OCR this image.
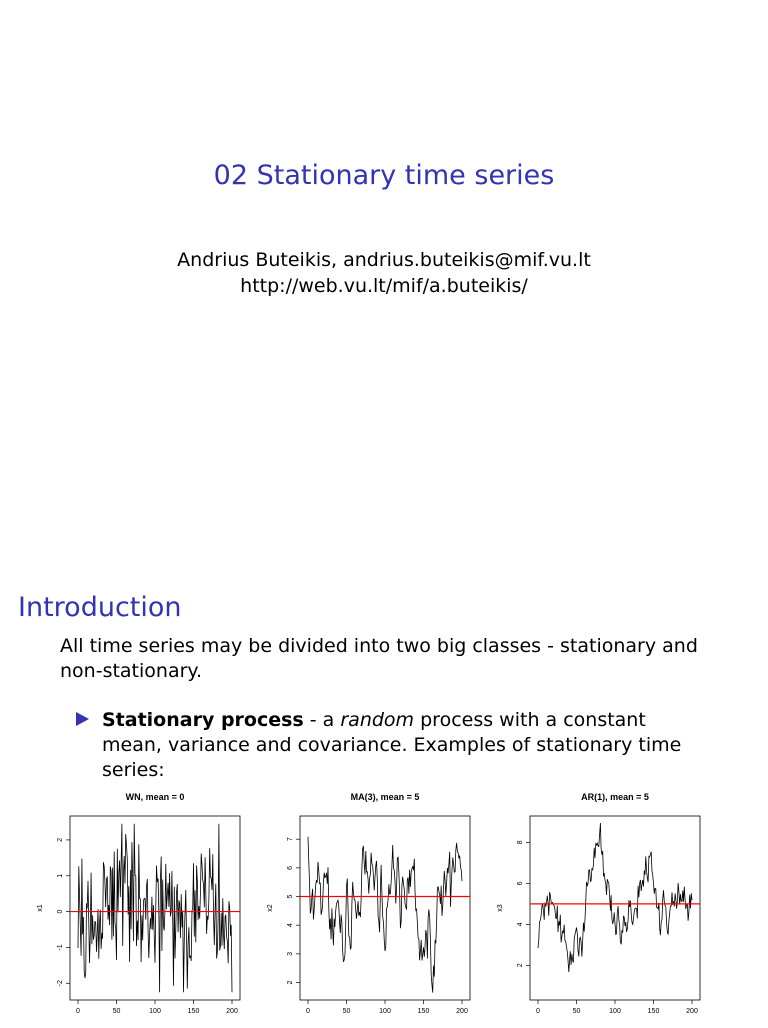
02 Stationary time series
Andrius Buteikis, andrius.buteikis@mif.vu.lt
http://web.vu.lt/mif/a.buteikis/
Introduction
All time series may be divided into two big classes - stationary and non-stationary.
Stationary process - a random process with a constant mean, variance and covariance. Examples of stationary time series:
WN, mean = 0
0	50	100	150	200
-2
-1
0
1
2
x1
MA(3), mean = 5
0	50	100	150	200
2
3
4
5
6
7
x2
AR(1), mean = 5
0	50	100	150	200
2
4
6
8
x3
